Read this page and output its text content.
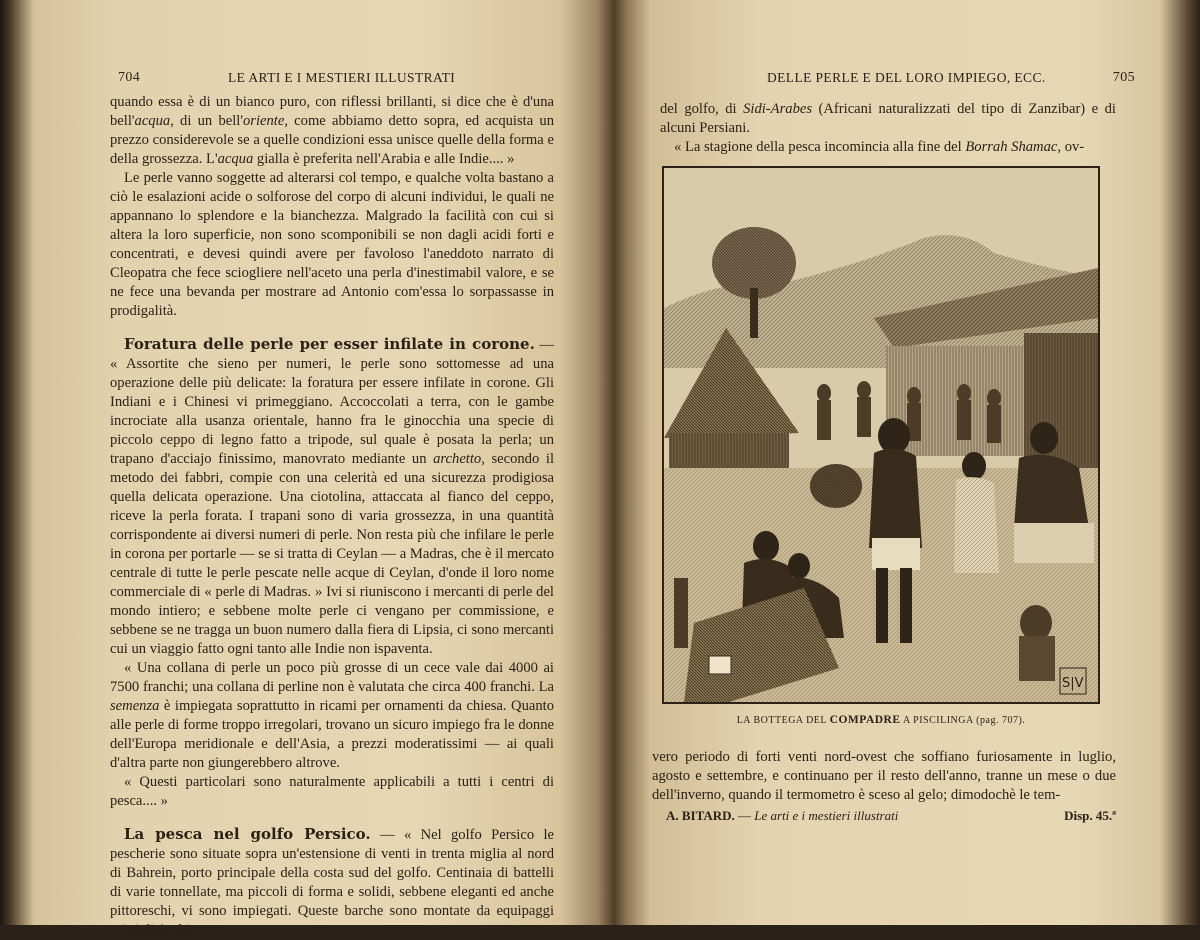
704	LE ARTI E I MESTIERI ILLUSTRATI

quando essa è di un bianco puro, con riflessi brillanti, si dice che è d'una bell'acqua, di un bell'oriente, come abbiamo detto sopra, ed acquista un prezzo considerevole se a quelle condizioni essa unisce quelle della forma e della grossezza. L'acqua gialla è preferita nell'Arabia e alle Indie.... »

Le perle vanno soggette ad alterarsi col tempo, e qualche volta bastano a ciò le esalazioni acide o solforose del corpo di alcuni individui, le quali ne appannano lo splendore e la bianchezza. Malgrado la facilità con cui si altera la loro superficie, non sono scomponibili se non dagli acidi forti e concentrati, e devesi quindi avere per favoloso l'aneddoto narrato di Cleopatra che fece sciogliere nell'aceto una perla d'inestimabil valore, e se ne fece una bevanda per mostrare ad Antonio com'essa lo sorpassasse in prodigalità.

Foratura delle perle per esser infilate in corone. — « Assortite che sieno per numeri, le perle sono sottomesse ad una operazione delle più delicate: la foratura per essere infilate in corone. Gli Indiani e i Chinesi vi primeggiano. Accoccolati a terra, con le gambe incrociate alla usanza orientale, hanno fra le ginocchia una specie di piccolo ceppo di legno fatto a tripode, sul quale è posata la perla; un trapano d'acciajo finissimo, manovrato mediante un archetto, secondo il metodo dei fabbri, compie con una celerità ed una sicurezza prodigiosa quella delicata operazione. Una ciotolina, attaccata al fianco del ceppo, riceve la perla forata. I trapani sono di varia grossezza, in una quantità corrispondente ai diversi numeri di perle. Non resta più che infilare le perle in corona per portarle — se si tratta di Ceylan — a Madras, che è il mercato centrale di tutte le perle pescate nelle acque di Ceylan, d'onde il loro nome commerciale di « perle di Madras. » Ivi si riuniscono i mercanti di perle del mondo intiero; e sebbene molte perle ci vengano per commissione, e sebbene se ne tragga un buon numero dalla fiera di Lipsia, ci sono mercanti cui un viaggio fatto ogni tanto alle Indie non ispaventa.

« Una collana di perle un poco più grosse di un cece vale dai 4000 ai 7500 franchi; una collana di perline non è valutata che circa 400 franchi. La semenza è impiegata soprattutto in ricami per ornamenti da chiesa. Quanto alle perle di forme troppo irregolari, trovano un sicuro impiego fra le donne dell'Europa meridionale e dell'Asia, a prezzi moderatissimi — ai quali d'altra parte non giungerebbero altrove.

« Questi particolari sono naturalmente applicabili a tutti i centri di pesca.... »

La pesca nel golfo Persico. — « Nel golfo Persico le pescherie sono situate sopra un'estensione di venti in trenta miglia al nord di Bahrein, porto principale della costa sud del golfo. Centinaia di battelli di varie tonnellate, ma piccoli di forma e solidi, sebbene eleganti ed anche pittoreschi, vi sono impiegati. Queste barche sono montate da equipaggi misti di Arabi

DELLE PERLE E DEL LORO IMPIEGO, ECC.	705

del golfo, di Sidi-Arabes (Africani naturalizzati del tipo di Zanzibar) e di alcuni Persiani.

« La stagione della pesca incomincia alla fine del Borrah Shamac, ov-

S|V
LA BOTTEGA DEL COMPADRE A PISCILINGA (pag. 707).

vero periodo di forti venti nord-ovest che soffiano furiosamente in luglio, agosto e settembre, e continuano per il resto dell'anno, tranne un mese o due dell'inverno, quando il termometro è sceso al gelo; dimodochè le tem-

A. BITARD. — Le arti e i mestieri illustrati	Disp. 45.ª
